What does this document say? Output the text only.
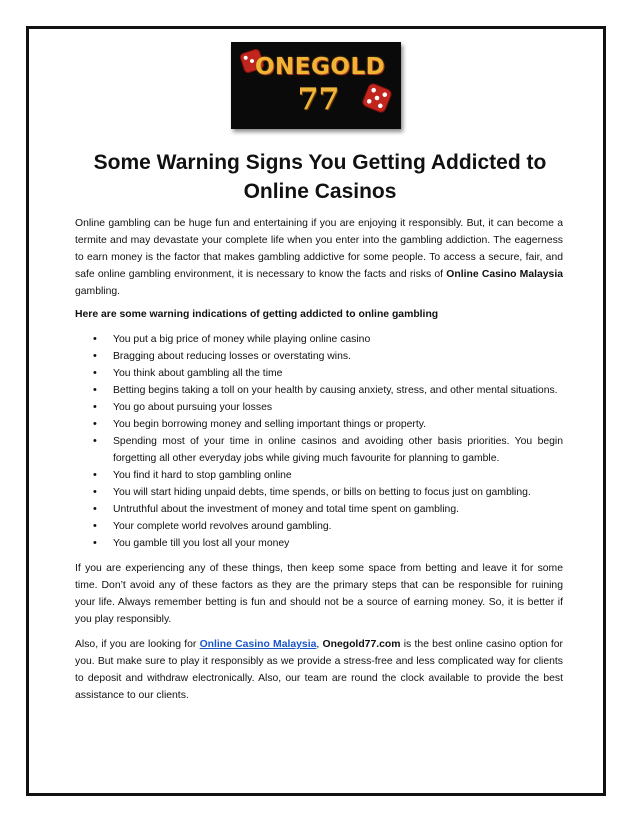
ONEGOLD
77
Some Warning Signs You Getting Addicted to Online Casinos

Online gambling can be huge fun and entertaining if you are enjoying it responsibly. But, it can become a termite and may devastate your complete life when you enter into the gambling addiction. The eagerness to earn money is the factor that makes gambling addictive for some people. To access a secure, fair, and safe online gambling environment, it is necessary to know the facts and risks of Online Casino Malaysia gambling.

Here are some warning indications of getting addicted to online gambling

• You put a big price of money while playing online casino
• Bragging about reducing losses or overstating wins.
• You think about gambling all the time
• Betting begins taking a toll on your health by causing anxiety, stress, and other mental situations.
• You go about pursuing your losses
• You begin borrowing money and selling important things or property.
• Spending most of your time in online casinos and avoiding other basis priorities. You begin forgetting all other everyday jobs while giving much favourite for planning to gamble.
• You find it hard to stop gambling online
• You will start hiding unpaid debts, time spends, or bills on betting to focus just on gambling.
• Untruthful about the investment of money and total time spent on gambling.
• Your complete world revolves around gambling.
• You gamble till you lost all your money

If you are experiencing any of these things, then keep some space from betting and leave it for some time. Don’t avoid any of these factors as they are the primary steps that can be responsible for ruining your life. Always remember betting is fun and should not be a source of earning money. So, it is better if you play responsibly.

Also, if you are looking for Online Casino Malaysia, Onegold77.com is the best online casino option for you. But make sure to play it responsibly as we provide a stress-free and less complicated way for clients to deposit and withdraw electronically. Also, our team are round the clock available to provide the best assistance to our clients.
